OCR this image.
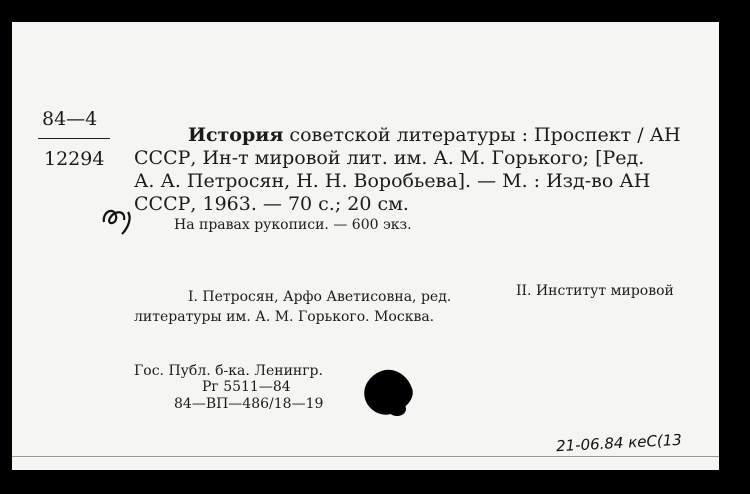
84—4
12294
История советской литературы : Проспект / АН
СССР, Ин-т мировой лит. им. А. М. Горького; [Ред.
А. А. Петросян, Н. Н. Воробьева]. — М. : Изд-во АН
СССР, 1963. — 70 с.; 20 см.
На правах рукописи. — 600 экз.
I. Петросян, Арфо Аветисовна, ред.	II. Институт мировой
литературы им. А. М. Горького. Москва.
Гос. Публ. б-ка. Ленингр.
Рг 5511—84
84—ВП—486/18—19
21-06.84 кеС(13
